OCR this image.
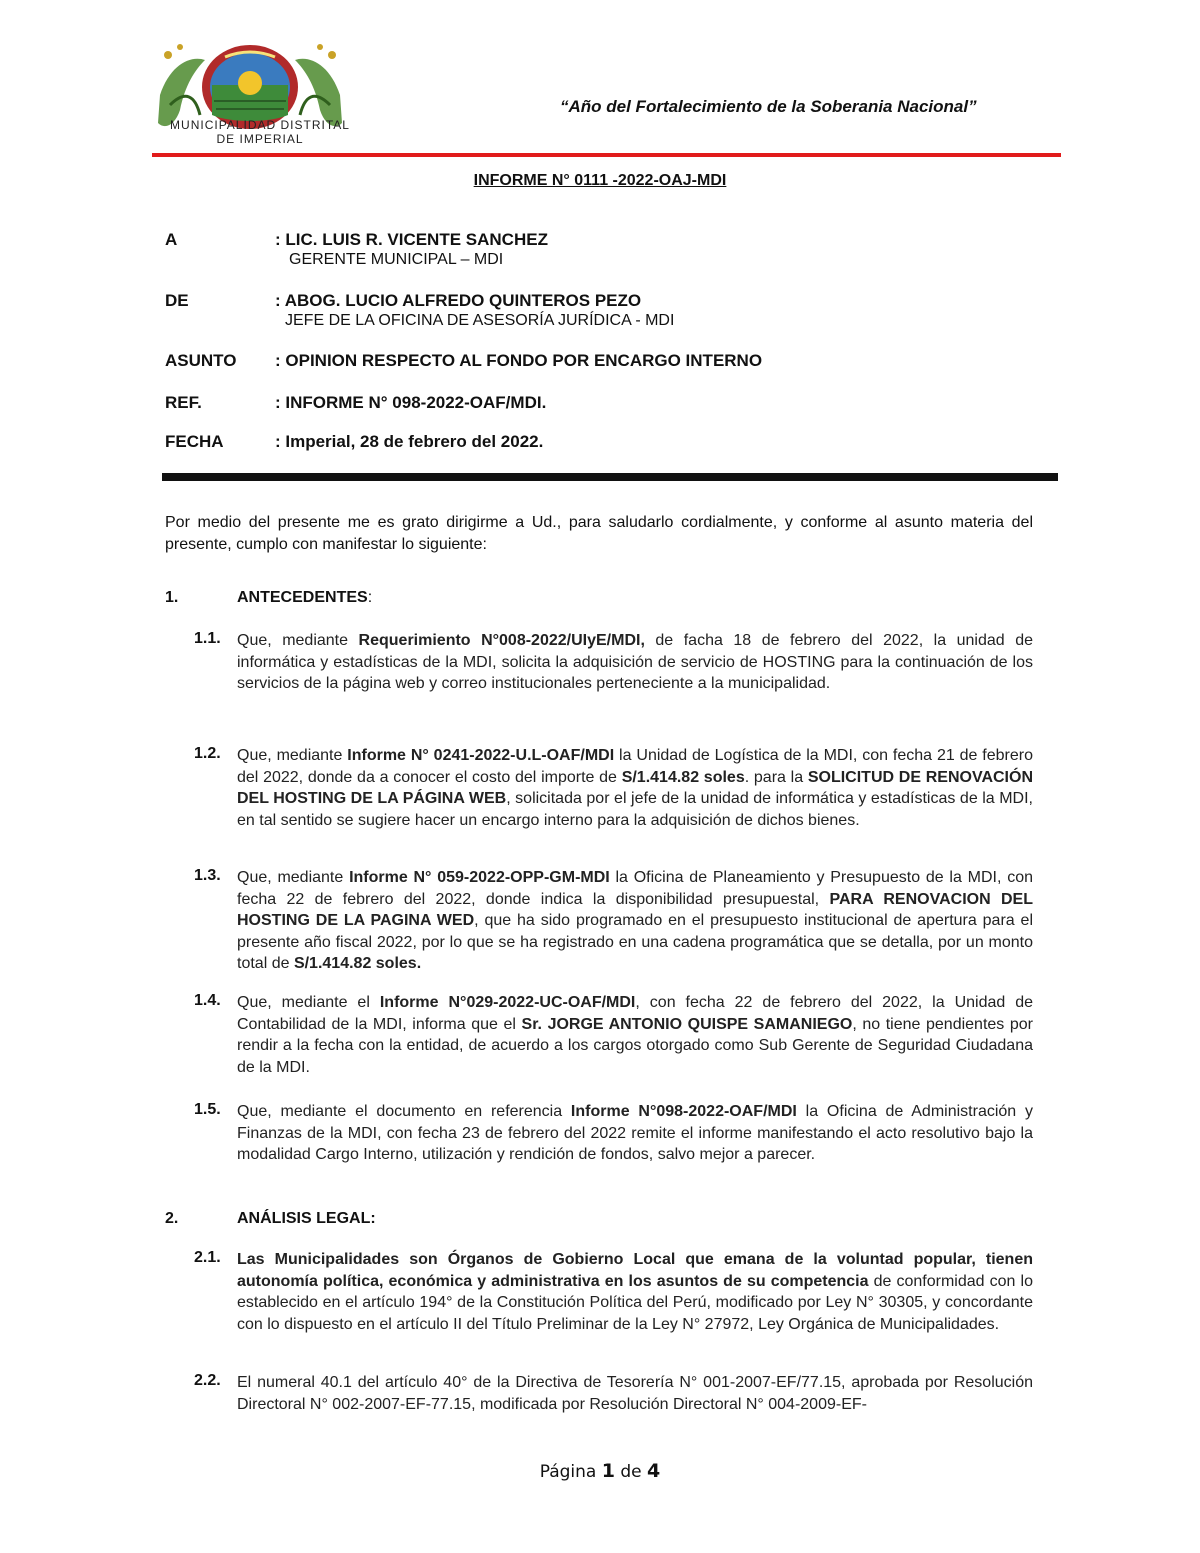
MUNICIPALIDAD DISTRITAL
DE IMPERIAL
“Año del Fortalecimiento de la Soberania Nacional”
INFORME N° 0111 -2022-OAJ-MDI
A	: LIC. LUIS R. VICENTE SANCHEZ
GERENTE MUNICIPAL – MDI
DE	: ABOG. LUCIO ALFREDO QUINTEROS PEZO
JEFE DE LA OFICINA DE ASESORÍA JURÍDICA - MDI
ASUNTO : OPINION RESPECTO AL FONDO POR ENCARGO INTERNO
REF.	: INFORME N° 098-2022-OAF/MDI.
FECHA	: Imperial, 28 de febrero del 2022.
Por medio del presente me es grato dirigirme a Ud., para saludarlo cordialmente, y conforme al asunto materia del presente, cumplo con manifestar lo siguiente:
1.	ANTECEDENTES:
1.1. Que, mediante Requerimiento N°008-2022/UIyE/MDI, de facha 18 de febrero del 2022, la unidad de informática y estadísticas de la MDI, solicita la adquisición de servicio de HOSTING para la continuación de los servicios de la página web y correo institucionales perteneciente a la municipalidad.
1.2. Que, mediante Informe N° 0241-2022-U.L-OAF/MDI la Unidad de Logística de la MDI, con fecha 21 de febrero del 2022, donde da a conocer el costo del importe de S/1.414.82 soles. para la SOLICITUD DE RENOVACIÓN DEL HOSTING DE LA PÁGINA WEB, solicitada por el jefe de la unidad de informática y estadísticas de la MDI, en tal sentido se sugiere hacer un encargo interno para la adquisición de dichos bienes.
1.3. Que, mediante Informe N° 059-2022-OPP-GM-MDI la Oficina de Planeamiento y Presupuesto de la MDI, con fecha 22 de febrero del 2022, donde indica la disponibilidad presupuestal, PARA RENOVACION DEL HOSTING DE LA PAGINA WED, que ha sido programado en el presupuesto institucional de apertura para el presente año fiscal 2022, por lo que se ha registrado en una cadena programática que se detalla, por un monto total de S/1.414.82 soles.
1.4. Que, mediante el Informe N°029-2022-UC-OAF/MDI, con fecha 22 de febrero del 2022, la Unidad de Contabilidad de la MDI, informa que el Sr. JORGE ANTONIO QUISPE SAMANIEGO, no tiene pendientes por rendir a la fecha con la entidad, de acuerdo a los cargos otorgado como Sub Gerente de Seguridad Ciudadana de la MDI.
1.5. Que, mediante el documento en referencia Informe N°098-2022-OAF/MDI la Oficina de Administración y Finanzas de la MDI, con fecha 23 de febrero del 2022 remite el informe manifestando el acto resolutivo bajo la modalidad Cargo Interno, utilización y rendición de fondos, salvo mejor a parecer.
2.	ANÁLISIS LEGAL:
2.1. Las Municipalidades son Órganos de Gobierno Local que emana de la voluntad popular, tienen autonomía política, económica y administrativa en los asuntos de su competencia de conformidad con lo establecido en el artículo 194° de la Constitución Política del Perú, modificado por Ley N° 30305, y concordante con lo dispuesto en el artículo II del Título Preliminar de la Ley N° 27972, Ley Orgánica de Municipalidades.
2.2. El numeral 40.1 del artículo 40° de la Directiva de Tesorería N° 001-2007-EF/77.15, aprobada por Resolución Directoral N° 002-2007-EF-77.15, modificada por Resolución Directoral N° 004-2009-EF-
Página 1 de 4
